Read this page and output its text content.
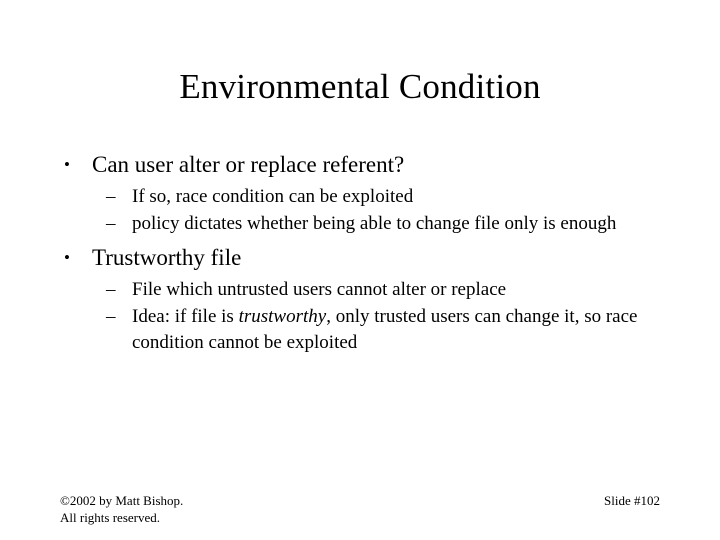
Environmental Condition
• Can user alter or replace referent?
– If so, race condition can be exploited
– policy dictates whether being able to change file only is enough
• Trustworthy file
– File which untrusted users cannot alter or replace
– Idea: if file is trustworthy, only trusted users can change it, so race condition cannot be exploited
©2002 by Matt Bishop.
All rights reserved.
Slide #102
